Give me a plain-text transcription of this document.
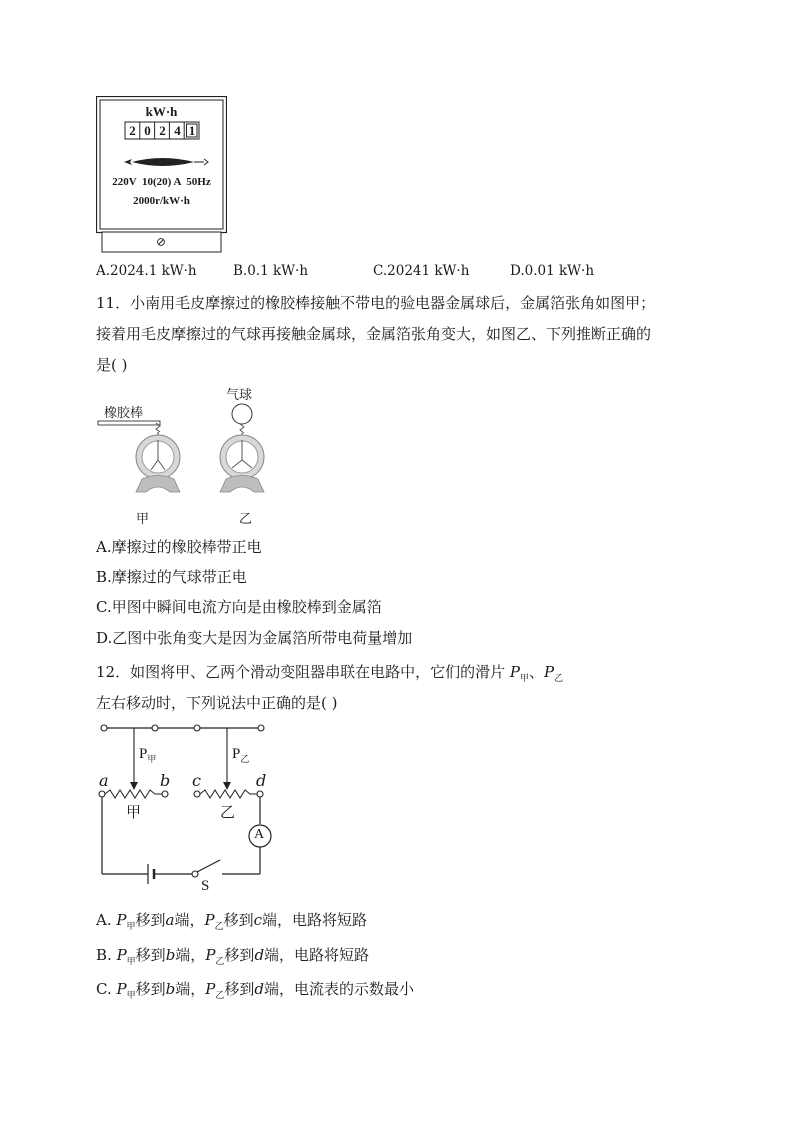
kW·h
2 0 2 4 1
220V  10(20) A  50Hz
2000r/kW·h
A.2024.1 kW·h	B.0.1 kW·h	C.20241 kW·h	D.0.01 kW·h
11．小南用毛皮摩擦过的橡胶棒接触不带电的验电器金属球后，金属箔张角如图甲；
接着用毛皮摩擦过的气球再接触金属球，金属箔张角变大，如图乙、下列推断正确的
是( )
橡胶棒
气球
甲	乙
A.摩擦过的橡胶棒带正电
B.摩擦过的气球带正电
C.甲图中瞬间电流方向是由橡胶棒到金属箔
D.乙图中张角变大是因为金属箔所带电荷量增加
12．如图将甲、乙两个滑动变阻器串联在电路中，它们的滑片 $P_甲$、$P_乙$
左右移动时，下列说法中正确的是( )
$P_甲$	$P_乙$
a	b c	d
甲	乙
A
S
A. $P_甲$移到a端，$P_乙$移到c端，电路将短路
B. $P_甲$移到b端，$P_乙$移到d端，电路将短路
C. $P_甲$移到b端，$P_乙$移到d端，电流表的示数最小
